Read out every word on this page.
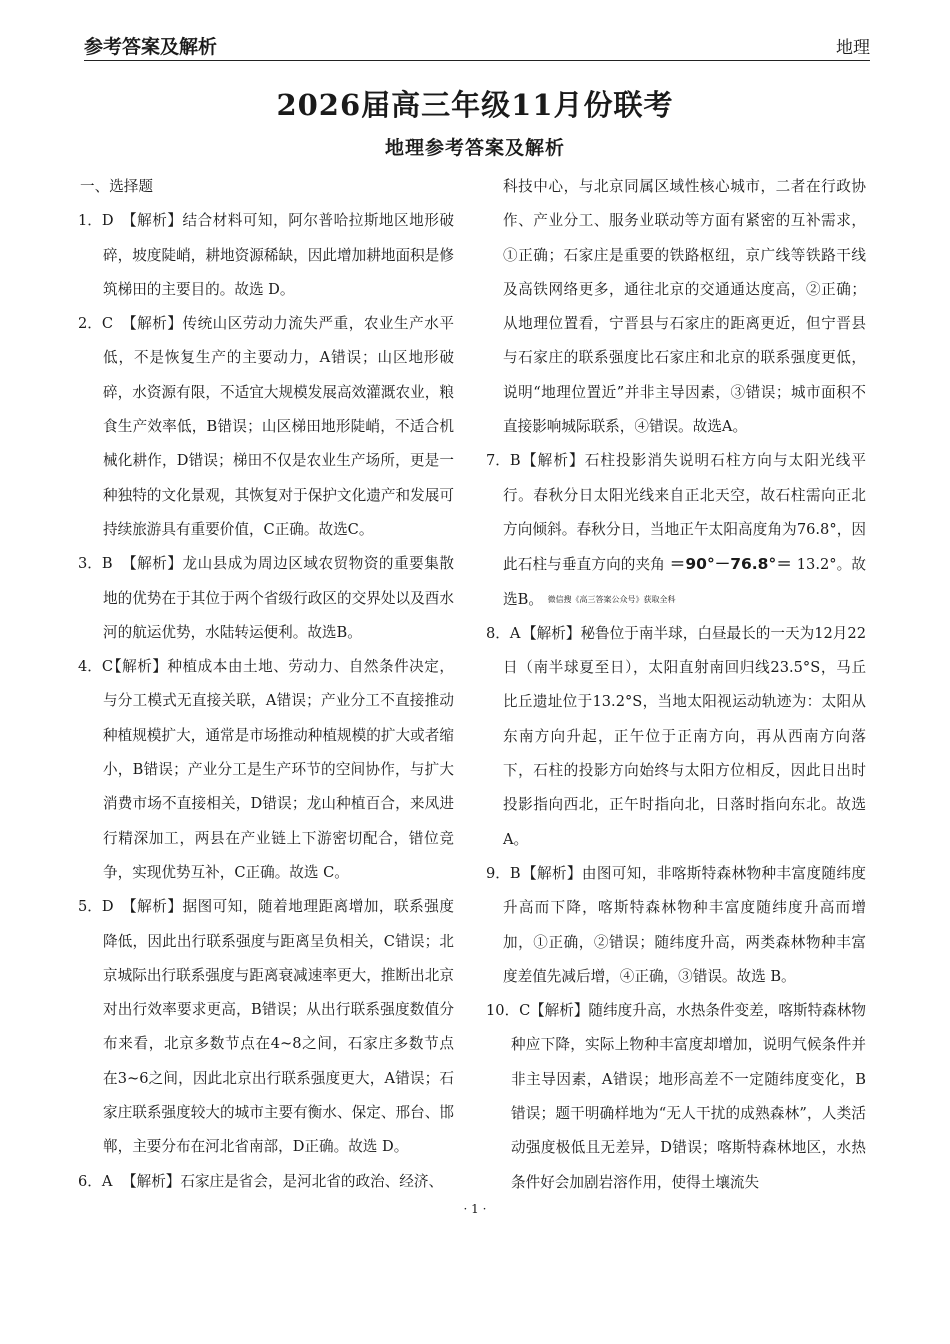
参考答案及解析	地理
2026届高三年级11月份联考
地理参考答案及解析
一、选择题
1．D 【解析】结合材料可知，阿尔普哈拉斯地区地形破碎，坡度陡峭，耕地资源稀缺，因此增加耕地面积是修筑梯田的主要目的。故选 D。
2．C 【解析】传统山区劳动力流失严重，农业生产水平低，不是恢复生产的主要动力，A错误；山区地形破碎，水资源有限，不适宜大规模发展高效灌溉农业，粮食生产效率低，B错误；山区梯田地形陡峭，不适合机械化耕作，D错误；梯田不仅是农业生产场所，更是一种独特的文化景观，其恢复对于保护文化遗产和发展可持续旅游具有重要价值，C正确。故选C。
3．B 【解析】龙山县成为周边区域农贸物资的重要集散地的优势在于其位于两个省级行政区的交界处以及酉水河的航运优势，水陆转运便利。故选B。
4．C
【解析】种植成本由土地、劳动力、自然条件决定，与分工模式无直接关联，A错误；产业分工不直接推动种植规模扩大，通常是市场推动种植规模的扩大或者缩小，B错误；产业分工是生产环节的空间协作，与扩大消费市场不直接相关，D错误；龙山种植百合，来凤进行精深加工，两县在产业链上下游密切配合，错位竞争，实现优势互补，C正确。故选 C。
5．D 【解析】据图可知，随着地理距离增加，联系强度降低，因此出行联系强度与距离呈负相关，C错误；北京城际出行联系强度与距离衰减速率更大，推断出北京对出行效率要求更高，B错误；从出行联系强度数值分布来看，北京多数节点在4~8之间，石家庄多数节点在3~6之间，因此北京出行联系强度更大，A错误；石家庄联系强度较大的城市主要有衡水、保定、邢台、邯郸，主要分布在河北省南部，D正确。故选 D。
6．A 【解析】石家庄是省会，是河北省的政治、经济、
科技中心，与北京同属区域性核心城市，二者在行政协作、产业分工、服务业联动等方面有紧密的互补需求，①正确；石家庄是重要的铁路枢纽，京广线等铁路干线及高铁网络更多，通往北京的交通通达度高，②正确；从地理位置看，宁晋县与石家庄的距离更近，但宁晋县与石家庄的联系强度比石家庄和北京的联系强度更低，说明“地理位置近”并非主导因素，③错误；城市面积不直接影响城际联系，④错误。故选A。
7．B 【解析】石柱投影消失说明石柱方向与太阳光线平行。春秋分日太阳光线来自正北天空，故石柱需向正北方向倾斜。春秋分日，当地正午太阳高度角为76.8°，因此石柱与垂直方向的夹角 ＝90°－76.8°＝ 13.2°。故选B。 微信搜《高三答案公众号》获取全科
8．A 【解析】秘鲁位于南半球，白昼最长的一天为12月22 日（南半球夏至日），太阳直射南回归线23.5°S，马丘比丘遗址位于13.2°S，当地太阳视运动轨迹为：太阳从东南方向升起，正午位于正南方向，再从西南方向落下，石柱的投影方向始终与太阳方位相反，因此日出时投影指向西北，正午时指向北，日落时指向东北。故选 A。
9．B 【解析】由图可知，非喀斯特森林物种丰富度随纬度升高而下降，喀斯特森林物种丰富度随纬度升高而增加，①正确，②错误；随纬度升高，两类森林物种丰富度差值先减后增，④正确，③错误。故选 B。
10．C 【解析】随纬度升高，水热条件变差，喀斯特森林物种应下降，实际上物种丰富度却增加，说明气候条件并非主导因素，A错误；地形高差不一定随纬度变化，B错误；题干明确样地为“无人干扰的成熟森林”，人类活动强度极低且无差异，D错误；喀斯特森林地区，水热条件好会加剧岩溶作用，使得土壤流失
· 1 ·
